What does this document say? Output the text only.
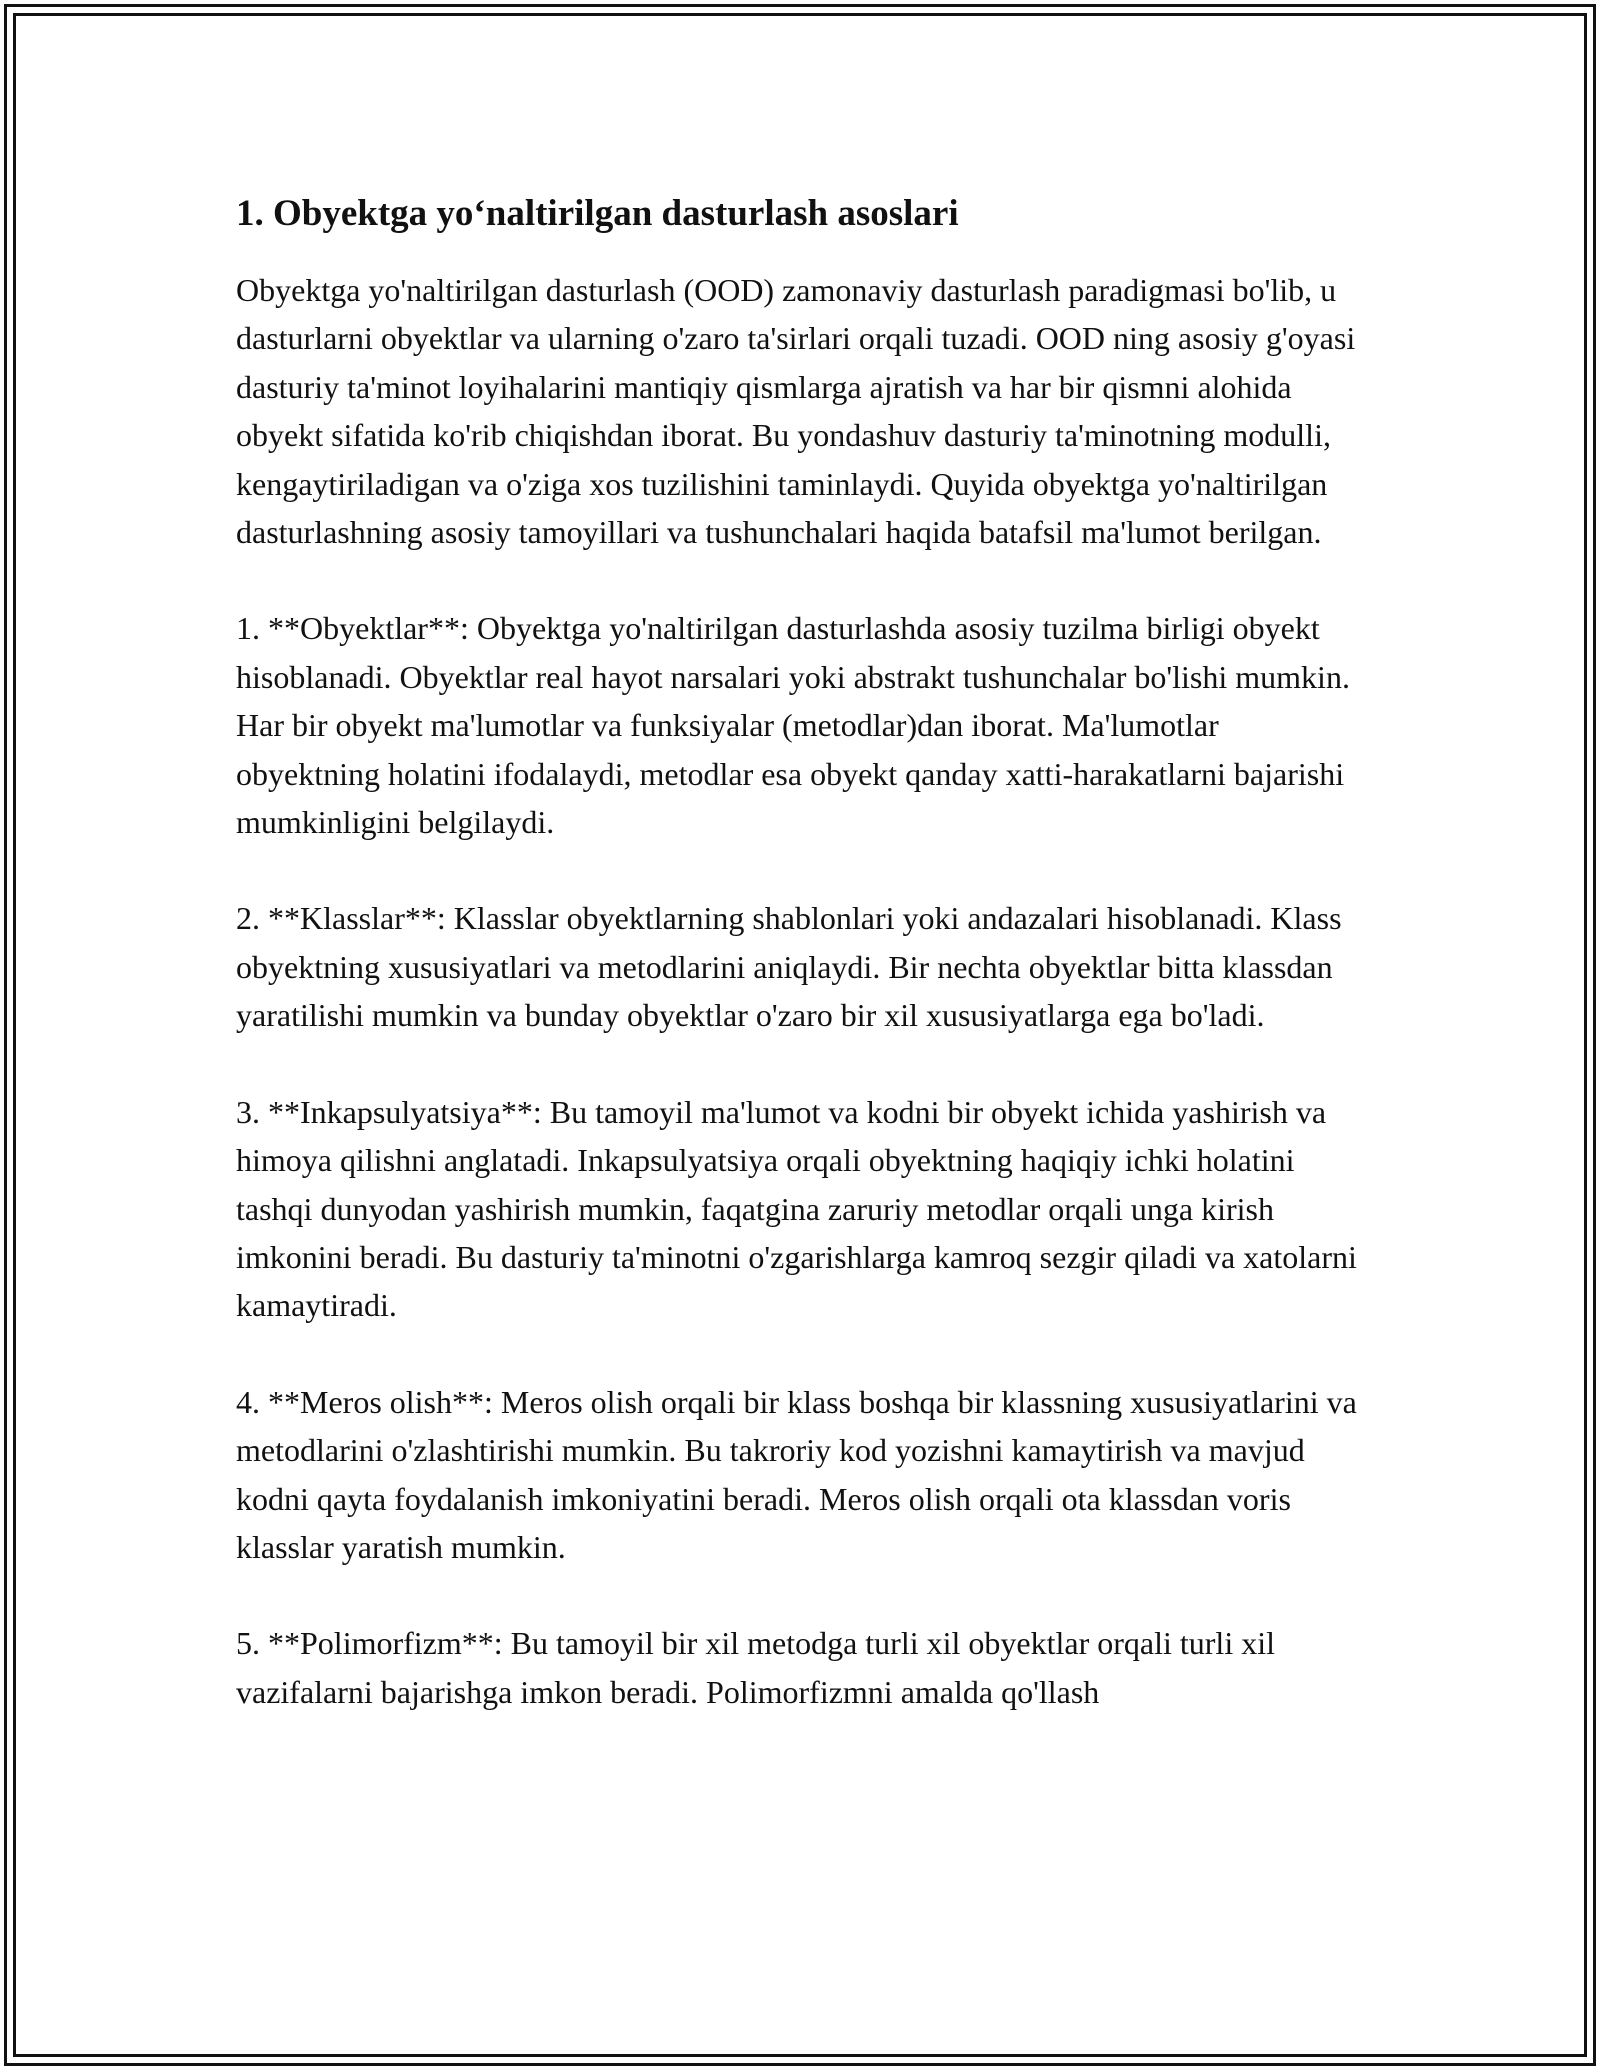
1. Obyektga yo‘naltirilgan dasturlash asoslari

Obyektga yo'naltirilgan dasturlash (OOD) zamonaviy dasturlash paradigmasi bo'lib, u dasturlarni obyektlar va ularning o'zaro ta'sirlari orqali tuzadi. OOD ning asosiy g'oyasi dasturiy ta'minot loyihalarini mantiqiy qismlarga ajratish va har bir qismni alohida obyekt sifatida ko'rib chiqishdan iborat. Bu yondashuv dasturiy ta'minotning modulli, kengaytiriladigan va o'ziga xos tuzilishini taminlaydi. Quyida obyektga yo'naltirilgan dasturlashning asosiy tamoyillari va tushunchalari haqida batafsil ma'lumot berilgan.

1. **Obyektlar**: Obyektga yo'naltirilgan dasturlashda asosiy tuzilma birligi obyekt hisoblanadi. Obyektlar real hayot narsalari yoki abstrakt tushunchalar bo'lishi mumkin. Har bir obyekt ma'lumotlar va funksiyalar (metodlar)dan iborat. Ma'lumotlar obyektning holatini ifodalaydi, metodlar esa obyekt qanday xatti-harakatlarni bajarishi mumkinligini belgilaydi.

2. **Klasslar**: Klasslar obyektlarning shablonlari yoki andazalari hisoblanadi. Klass obyektning xususiyatlari va metodlarini aniqlaydi. Bir nechta obyektlar bitta klassdan yaratilishi mumkin va bunday obyektlar o'zaro bir xil xususiyatlarga ega bo'ladi.

3. **Inkapsulyatsiya**: Bu tamoyil ma'lumot va kodni bir obyekt ichida yashirish va himoya qilishni anglatadi. Inkapsulyatsiya orqali obyektning haqiqiy ichki holatini tashqi dunyodan yashirish mumkin, faqatgina zaruriy metodlar orqali unga kirish imkonini beradi. Bu dasturiy ta'minotni o'zgarishlarga kamroq sezgir qiladi va xatolarni kamaytiradi.

4. **Meros olish**: Meros olish orqali bir klass boshqa bir klassning xususiyatlarini va metodlarini o'zlashtirishi mumkin. Bu takroriy kod yozishni kamaytirish va mavjud kodni qayta foydalanish imkoniyatini beradi. Meros olish orqali ota klassdan voris klasslar yaratish mumkin.

5. **Polimorfizm**: Bu tamoyil bir xil metodga turli xil obyektlar orqali turli xil vazifalarni bajarishga imkon beradi. Polimorfizmni amalda qo'llash
